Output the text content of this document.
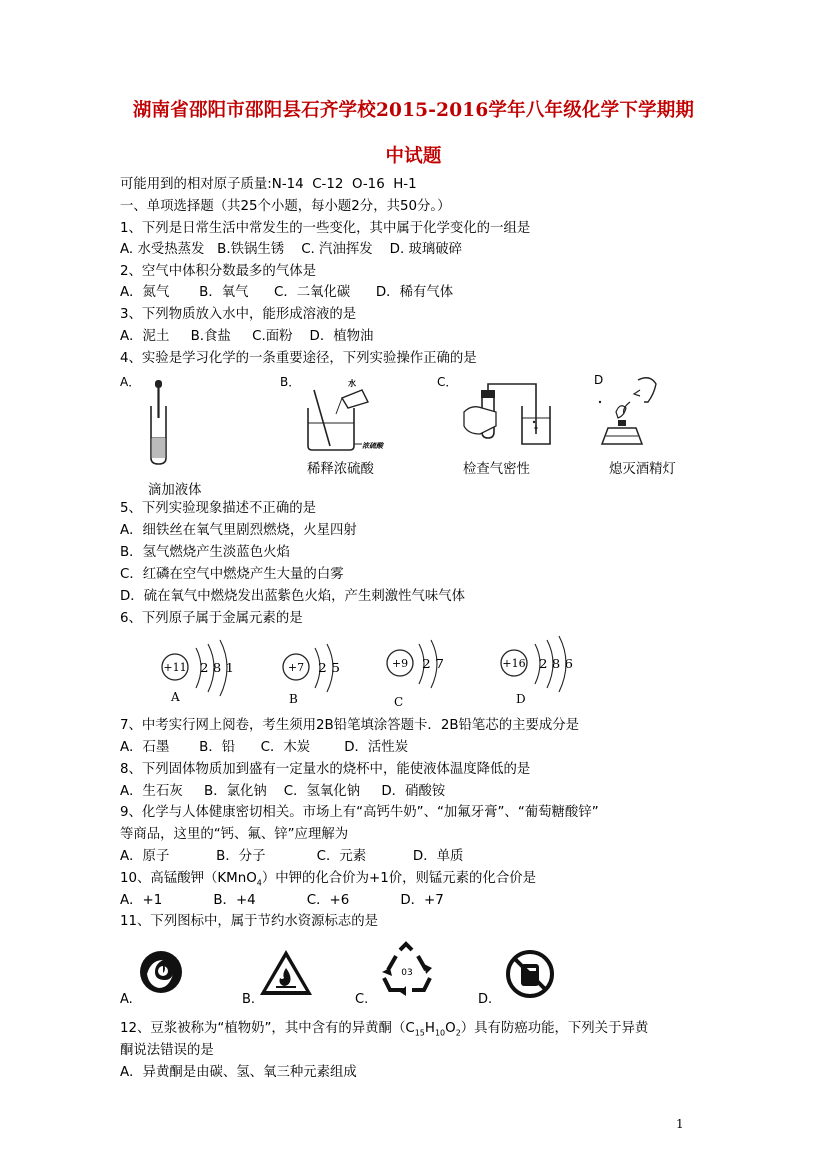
湖南省邵阳市邵阳县石齐学校2015-2016学年八年级化学下学期期
中试题
可能用到的相对原子质量:N-14  C-12  O-16  H-1
一、单项选择题（共25个小题，每小题2分，共50分。）
1、下列是日常生活中常发生的一些变化，其中属于化学变化的一组是
A. 水受热蒸发   B.铁锅生锈    C. 汽油挥发    D. 玻璃破碎
2、空气中体积分数最多的气体是
A．氮气       B．氧气      C．二氧化碳      D．稀有气体
3、下列物质放入水中，能形成溶液的是
A．泥土     B.食盐     C.面粉    D．植物油
4、实验是学习化学的一条重要途径，下列实验操作正确的是
A．	B．	C．	D
滴加液体
水
浓硫酸
稀释浓硫酸	检查气密性	熄灭酒精灯
5、下列实验现象描述不正确的是
A．细铁丝在氧气里剧烈燃烧，火星四射
B．氢气燃烧产生淡蓝色火焰
C．红磷在空气中燃烧产生大量的白雾
D．硫在氧气中燃烧发出蓝紫色火焰，产生刺激性气味气体
6、下列原子属于金属元素的是
+11 2 8 1
A
+7 2 5
B
+9 2 7
C
+16 2 8 6
D
7、中考实行网上阅卷，考生须用2B铅笔填涂答题卡．2B铅笔芯的主要成分是
A．石墨       B．铅      C．木炭        D．活性炭
8、下列固体物质加到盛有一定量水的烧杯中，能使液体温度降低的是
A．生石灰     B．氯化钠    C．氢氧化钠     D．硝酸铵
9、化学与人体健康密切相关。市场上有“高钙牛奶”、“加氟牙膏”、“葡萄糖酸锌”
等商品，这里的“钙、氟、锌”应理解为
A．原子           B．分子            C．元素           D．单质
10、高锰酸钾（KMnO$_4$）中钾的化合价为+1价，则锰元素的化合价是
A．+1            B．+4            C．+6            D．+7
11、下列图标中，属于节约水资源标志的是
A.	B.	C.
03
D.
12、豆浆被称为“植物奶”，其中含有的异黄酮$(C_{15}H_{10}O_2)$具有防癌功能，下列关于异黄
酮说法错误的是
A．异黄酮是由碳、氢、氧三种元素组成
1
